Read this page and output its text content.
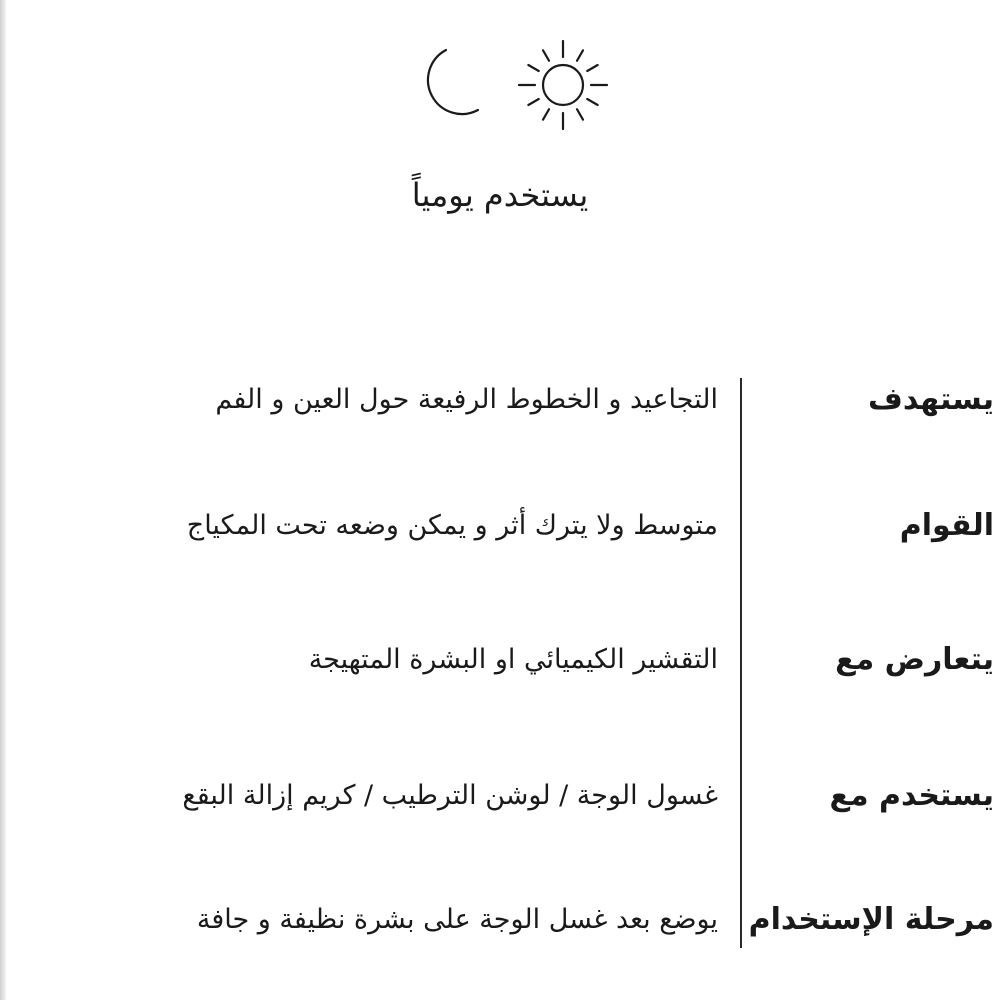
يستخدم يومياً
يستهدف
التجاعيد و الخطوط الرفيعة حول العين و الفم
القوام
متوسط ولا يترك أثر و يمكن وضعه تحت المكياج
يتعارض مع
التقشير الكيميائي او البشرة المتهيجة
يستخدم مع
غسول الوجة / لوشن الترطيب / كريم إزالة البقع
مرحلة الإستخدام
يوضع بعد غسل الوجة على بشرة نظيفة و جافة
